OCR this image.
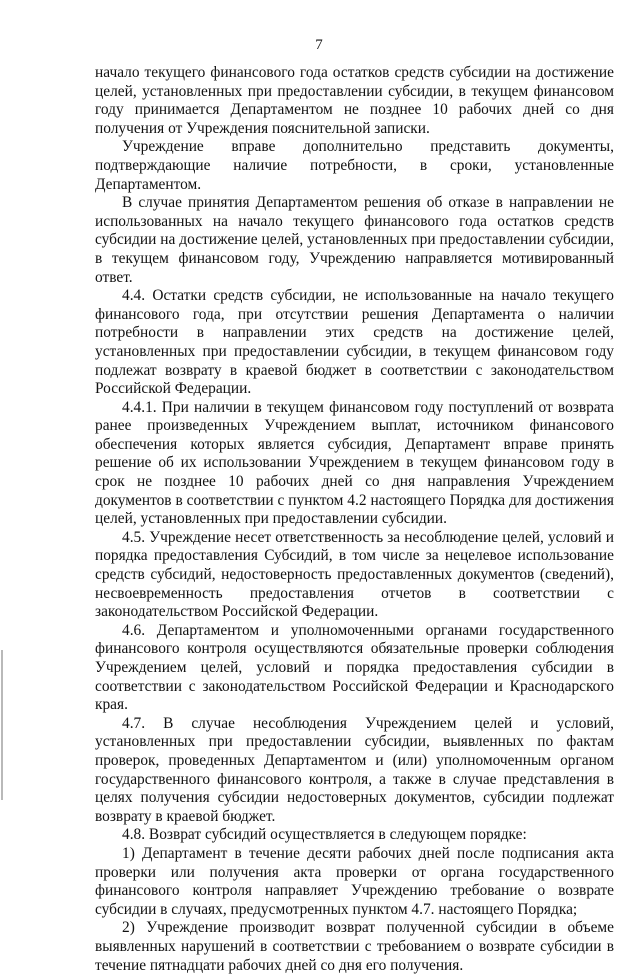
7

начало текущего финансового года остатков средств субсидии на достижение целей, установленных при предоставлении субсидии, в текущем финансовом году принимается Департаментом не позднее 10 рабочих дней со дня получения от Учреждения пояснительной записки.

Учреждение вправе дополнительно представить документы, подтверждающие наличие потребности, в сроки, установленные Департаментом.

В случае принятия Департаментом решения об отказе в направлении не использованных на начало текущего финансового года остатков средств субсидии на достижение целей, установленных при предоставлении субсидии, в текущем финансовом году, Учреждению направляется мотивированный ответ.

4.4. Остатки средств субсидии, не использованные на начало текущего финансового года, при отсутствии решения Департамента о наличии потребности в направлении этих средств на достижение целей, установленных при предоставлении субсидии, в текущем финансовом году подлежат возврату в краевой бюджет в соответствии с законодательством Российской Федерации.

4.4.1. При наличии в текущем финансовом году поступлений от возврата ранее произведенных Учреждением выплат, источником финансового обеспечения которых является субсидия, Департамент вправе принять решение об их использовании Учреждением в текущем финансовом году в срок не позднее 10 рабочих дней со дня направления Учреждением документов в соответствии с пунктом 4.2 настоящего Порядка для достижения целей, установленных при предоставлении субсидии.

4.5. Учреждение несет ответственность за несоблюдение целей, условий и порядка предоставления Субсидий, в том числе за нецелевое использование средств субсидий, недостоверность предоставленных документов (сведений), несвоевременность предоставления отчетов в соответствии с законодательством Российской Федерации.

4.6. Департаментом и уполномоченными органами государственного финансового контроля осуществляются обязательные проверки соблюдения Учреждением целей, условий и порядка предоставления субсидии в соответствии с законодательством Российской Федерации и Краснодарского края.

4.7. В случае несоблюдения Учреждением целей и условий, установленных при предоставлении субсидии, выявленных по фактам проверок, проведенных Департаментом и (или) уполномоченным органом государственного финансового контроля, а также в случае представления в целях получения субсидии недостоверных документов, субсидии подлежат возврату в краевой бюджет.

4.8. Возврат субсидий осуществляется в следующем порядке:

1) Департамент в течение десяти рабочих дней после подписания акта проверки или получения акта проверки от органа государственного финансового контроля направляет Учреждению требование о возврате субсидии в случаях, предусмотренных пунктом 4.7. настоящего Порядка;

2) Учреждение производит возврат полученной субсидии в объеме выявленных нарушений в соответствии с требованием о возврате субсидии в течение пятнадцати рабочих дней со дня его получения.
